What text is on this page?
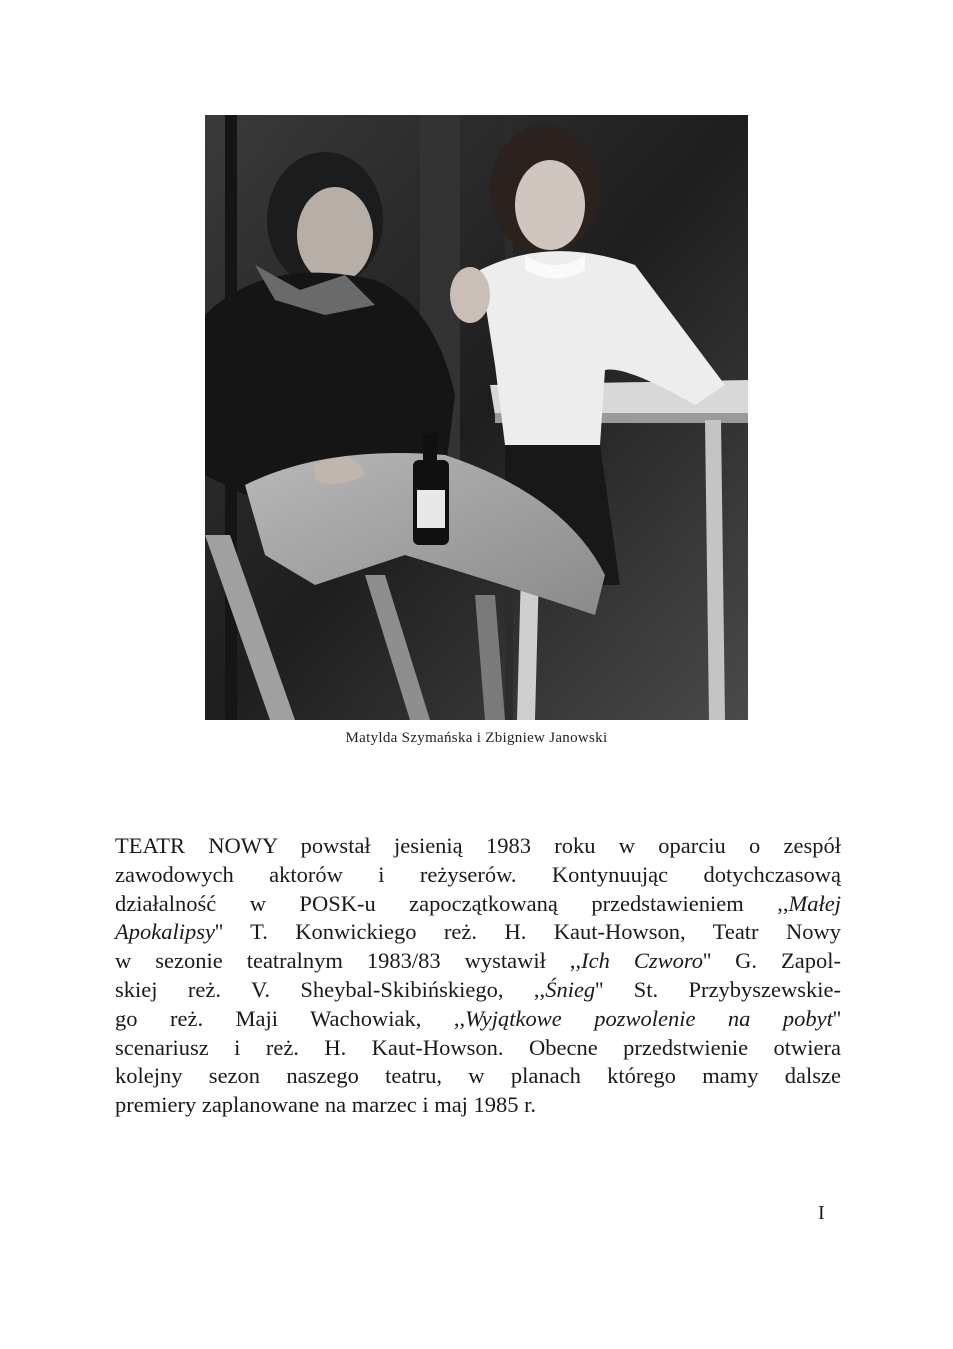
Matylda Szymańska i Zbigniew Janowski
TEATR NOWY powstał jesienią 1983 roku w oparciu o zespół
zawodowych aktorów i reżyserów. Kontynuując dotychczasową
działalność w POSK-u zapoczątkowaną przedstawieniem ,,Małej
Apokalipsy'' T. Konwickiego reż. H. Kaut-Howson, Teatr Nowy
w sezonie teatralnym 1983/83 wystawił ,,Ich Czworo'' G. Zapol-
skiej reż. V. Sheybal-Skibińskiego, ,,Śnieg'' St. Przybyszewskie-
go reż. Maji Wachowiak, ,,Wyjątkowe pozwolenie na pobyt''
scenariusz i reż. H. Kaut-Howson. Obecne przedstwienie otwiera
kolejny sezon naszego teatru, w planach którego mamy dalsze
premiery zaplanowane na marzec i maj 1985 r.
I
